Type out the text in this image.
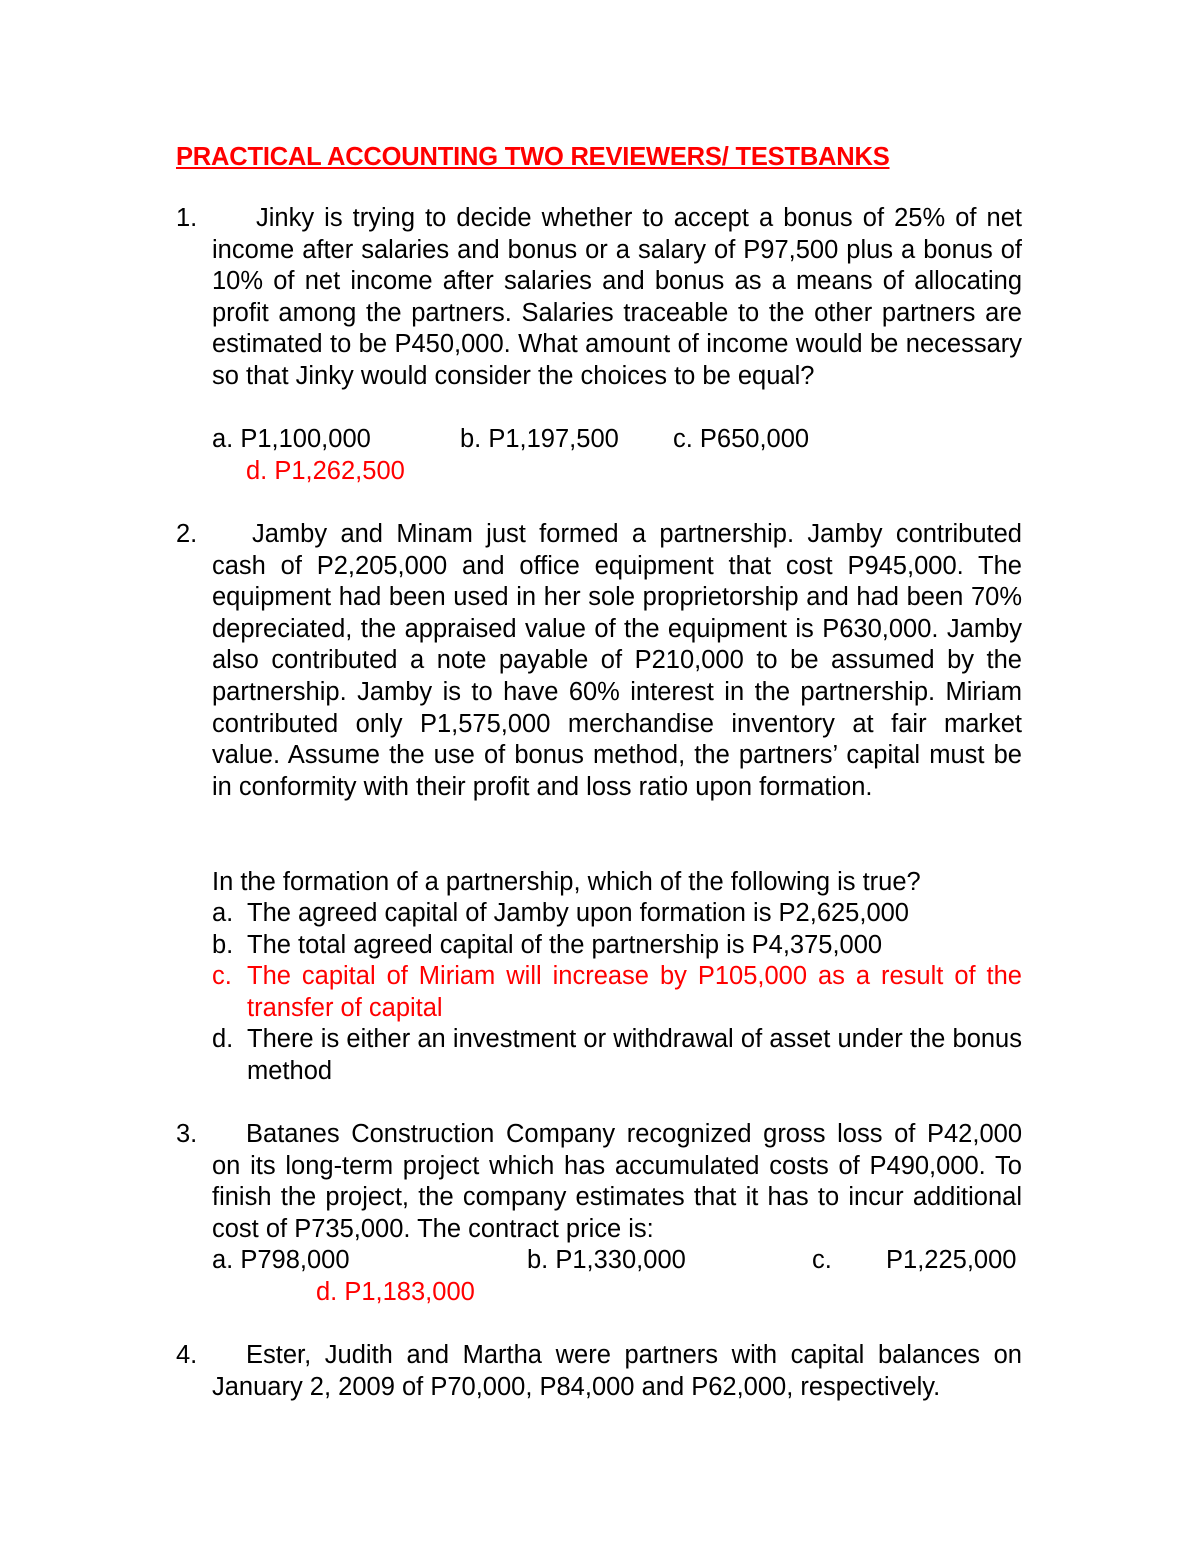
PRACTICAL ACCOUNTING TWO REVIEWERS/ TESTBANKS
1.	Jinky is trying to decide whether to accept a bonus of 25% of net income after salaries and bonus or a salary of P97,500 plus a bonus of 10% of net income after salaries and bonus as a means of allocating profit among the partners. Salaries traceable to the other partners are estimated to be P450,000. What amount of income would be necessary so that Jinky would consider the choices to be equal?
a. P1,100,000	b. P1,197,500 c. P650,000
d. P1,262,500
2.	Jamby and Minam just formed a partnership. Jamby contributed cash of P2,205,000 and office equipment that cost P945,000. The equipment had been used in her sole proprietorship and had been 70% depreciated, the appraised value of the equipment is P630,000. Jamby also contributed a note payable of P210,000 to be assumed by the partnership. Jamby is to have 60% interest in the partnership. Miriam contributed only P1,575,000 merchandise inventory at fair market value. Assume the use of bonus method, the partners’ capital must be in conformity with their profit and loss ratio upon formation.
In the formation of a partnership, which of the following is true?
a. The agreed capital of Jamby upon formation is P2,625,000
b. The total agreed capital of the partnership is P4,375,000
c. The capital of Miriam will increase by P105,000 as a result of the transfer of capital
d. There is either an investment or withdrawal of asset under the bonus method
3.	Batanes Construction Company recognized gross loss of P42,000 on its long-term project which has accumulated costs of P490,000. To finish the project, the company estimates that it has to incur additional cost of P735,000. The contract price is:
a. P798,000	b. P1,330,000	c. P1,225,000
d. P1,183,000
4.	Ester, Judith and Martha were partners with capital balances on January 2, 2009 of P70,000, P84,000 and P62,000, respectively.
